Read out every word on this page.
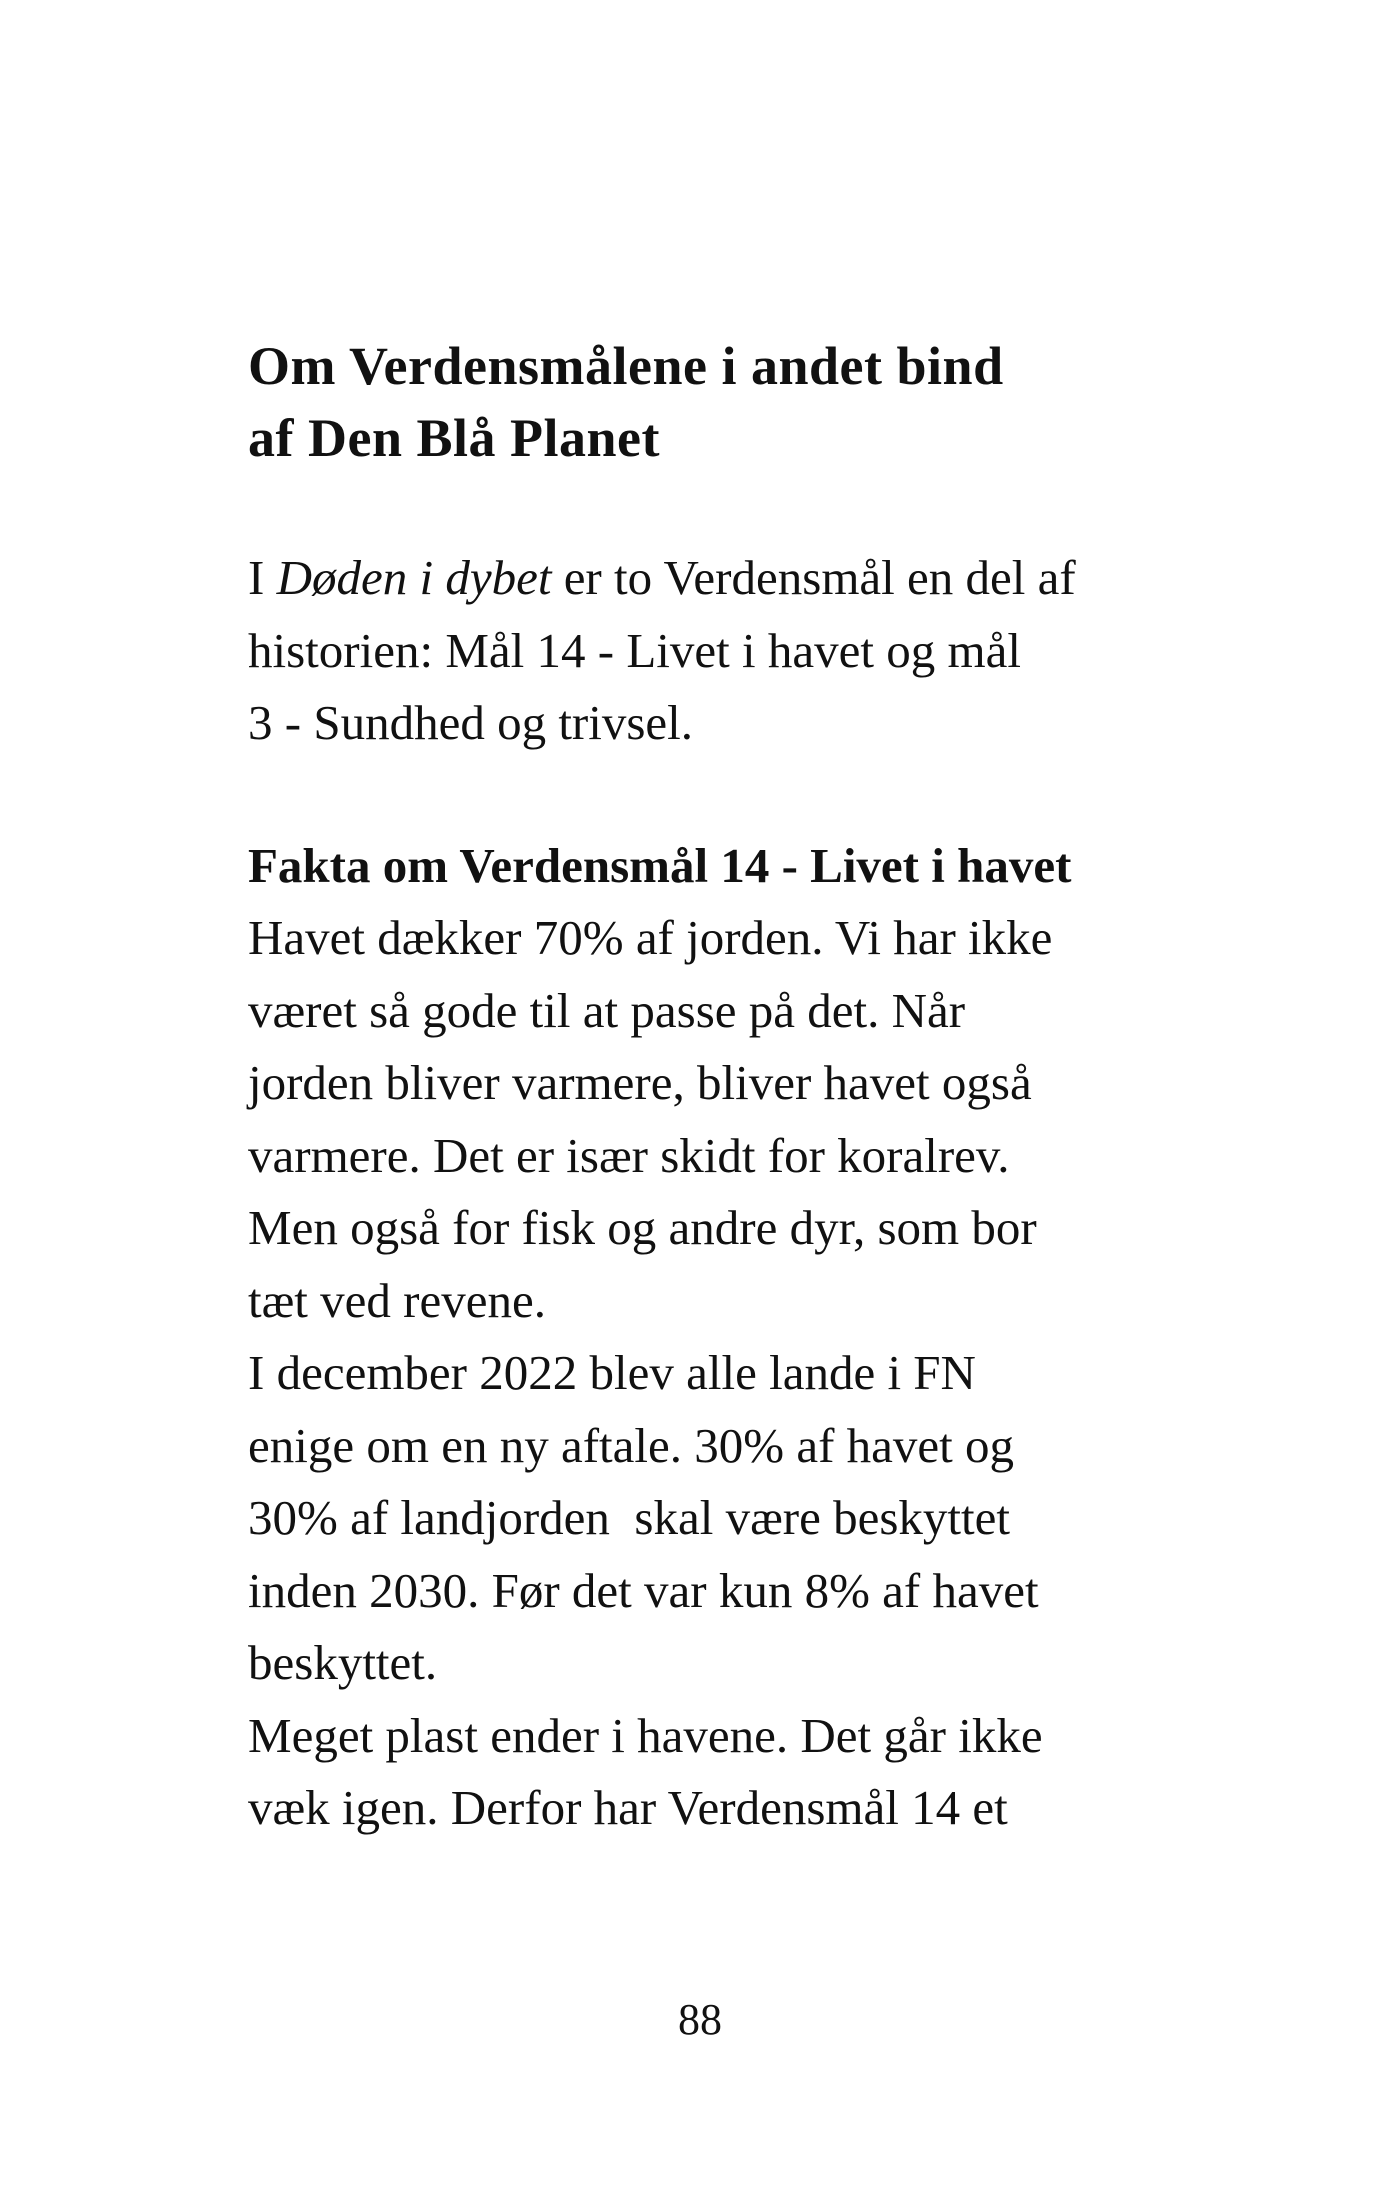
Om Verdensmålene i andet bind
af Den Blå Planet
I Døden i dybet er to Verdensmål en del af
historien: Mål 14 - Livet i havet og mål
3 - Sundhed og trivsel.
Fakta om Verdensmål 14 - Livet i havet
Havet dækker 70% af jorden. Vi har ikke
været så gode til at passe på det. Når
jorden bliver varmere, bliver havet også
varmere. Det er især skidt for koralrev.
Men også for fisk og andre dyr, som bor
tæt ved revene.
I december 2022 blev alle lande i FN
enige om en ny aftale. 30% af havet og
30% af landjorden  skal være beskyttet
inden 2030. Før det var kun 8% af havet
beskyttet.
Meget plast ender i havene. Det går ikke
væk igen. Derfor har Verdensmål 14 et
88
